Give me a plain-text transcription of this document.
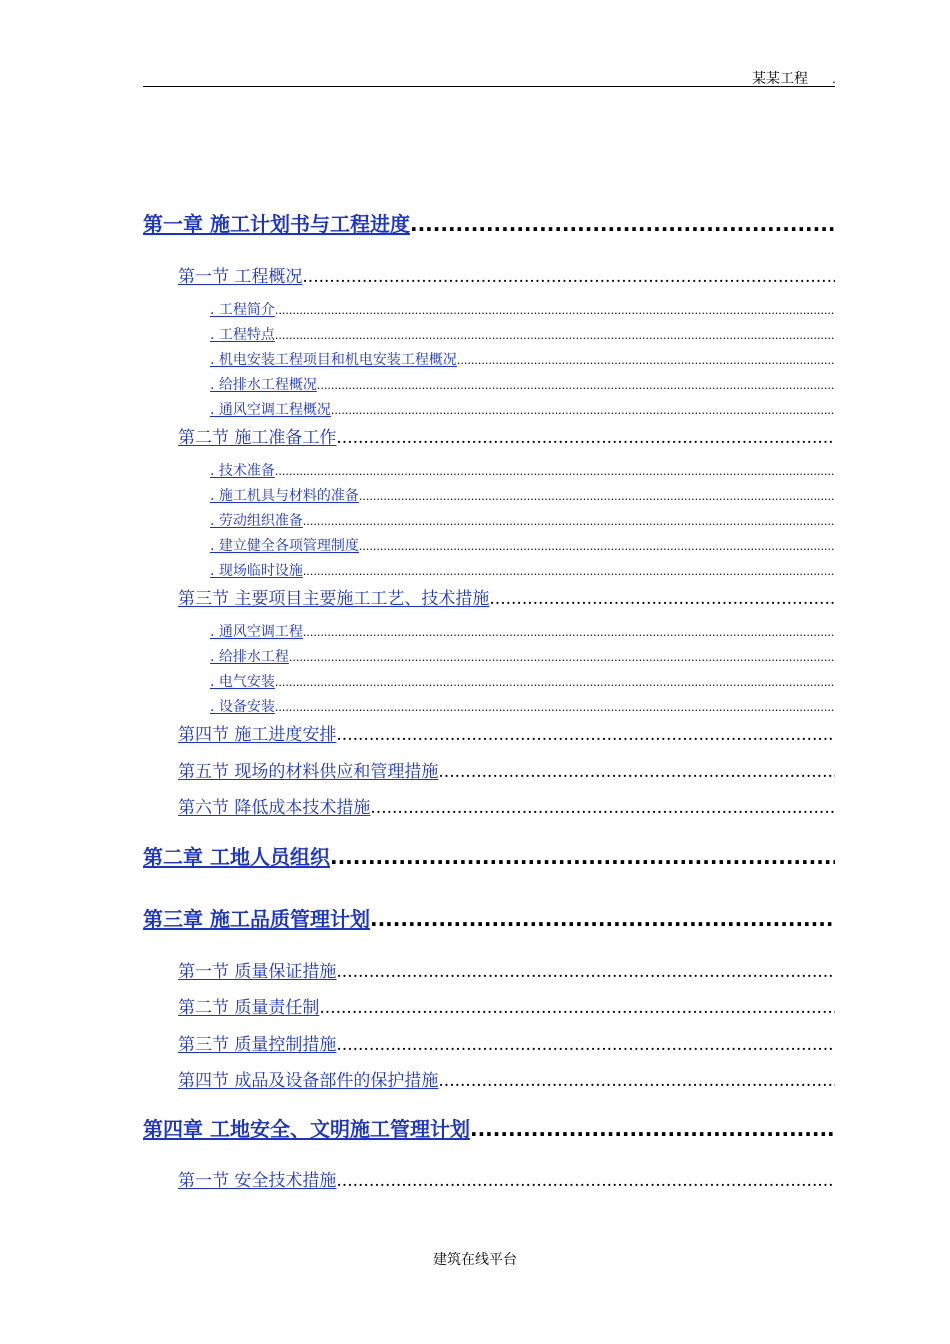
某某工程 .
第一章 施工计划书与工程进度
.....
第一节 工程概况
.....
. 工程简介
.....
. 工程特点
.....
. 机电安装工程项目和机电安装工程概况
.....
. 给排水工程概况
.....
. 通风空调工程概况
.....
第二节 施工准备工作
.....
. 技术准备
.....
. 施工机具与材料的准备
.....
. 劳动组织准备
.....
. 建立健全各项管理制度
.....
. 现场临时设施
.....
第三节 主要项目主要施工工艺、技术措施
.....
. 通风空调工程
.....
. 给排水工程
.....
. 电气安装
.....
. 设备安装
.....
第四节 施工进度安排
.....
第五节 现场的材料供应和管理措施
.....
第六节 降低成本技术措施
.....
第二章 工地人员组织
.....
第三章 施工品质管理计划
.....
第一节 质量保证措施
.....
第二节 质量责任制
.....
第三节 质量控制措施
.....
第四节 成品及设备部件的保护措施
.....
第四章 工地安全、文明施工管理计划
.....
第一节 安全技术措施
.....
建筑在线平台
